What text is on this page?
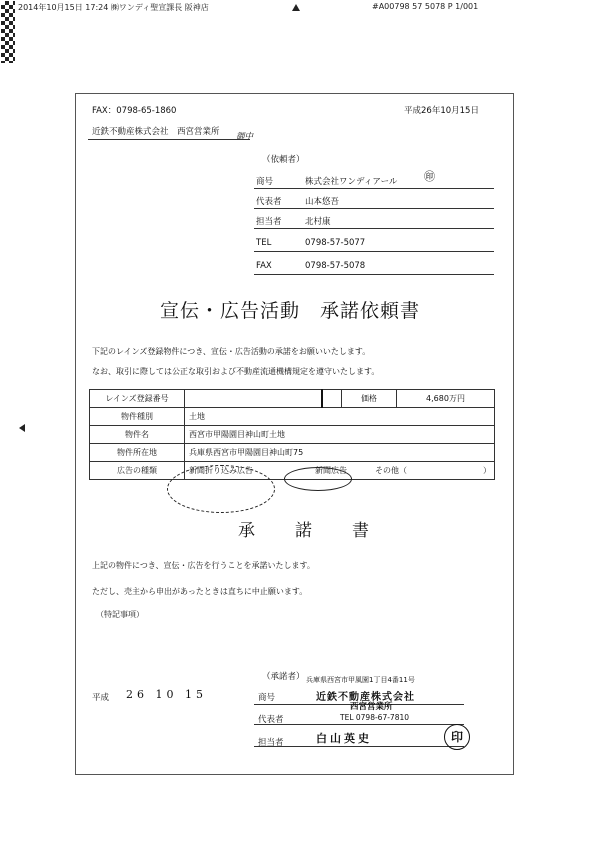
2014年10月15日 17:24 ㈱ワンディ聖宣課長 阪神店	#A00798 57 5078 P 1/001
FAX：0798-65-1860	平成26年10月15日
近鉄不動産株式会社　西宮営業所 御中
（依頼者）
商号	株式会社ワンディアール ㊞
代表者	山本悠吾
担当者	北村康
TEL	0798-57-5077
FAX	0798-57-5078
宣伝・広告活動　承諾依頼書
下記のレインズ登録物件につき、宣伝・広告活動の承諾をお願いいたします。
なお、取引に際しては公正な取引および不動産流通機構規定を遵守いたします。
レインズ登録番号			価格	4,680万円
物件種別	土地			
物件名	西宮市甲陽園目神山町土地			
物件所在地	兵庫県西宮市甲陽園目神山町75			
広告の種類	新聞折り込み広告 新聞広告 その他（ ）			
承諾書
上記の物件につき、宣伝・広告を行うことを承諾いたします。
ただし、売主から申出があったときは直ちに中止願います。
（特記事項）
（承諾者） 兵庫県西宮市甲風園1丁目4番11号
平成 26 10 15	商号	近鉄不動産株式会社
代表者
西宮営業所
TEL 0798-67-7810
担当者	白山英史	印
